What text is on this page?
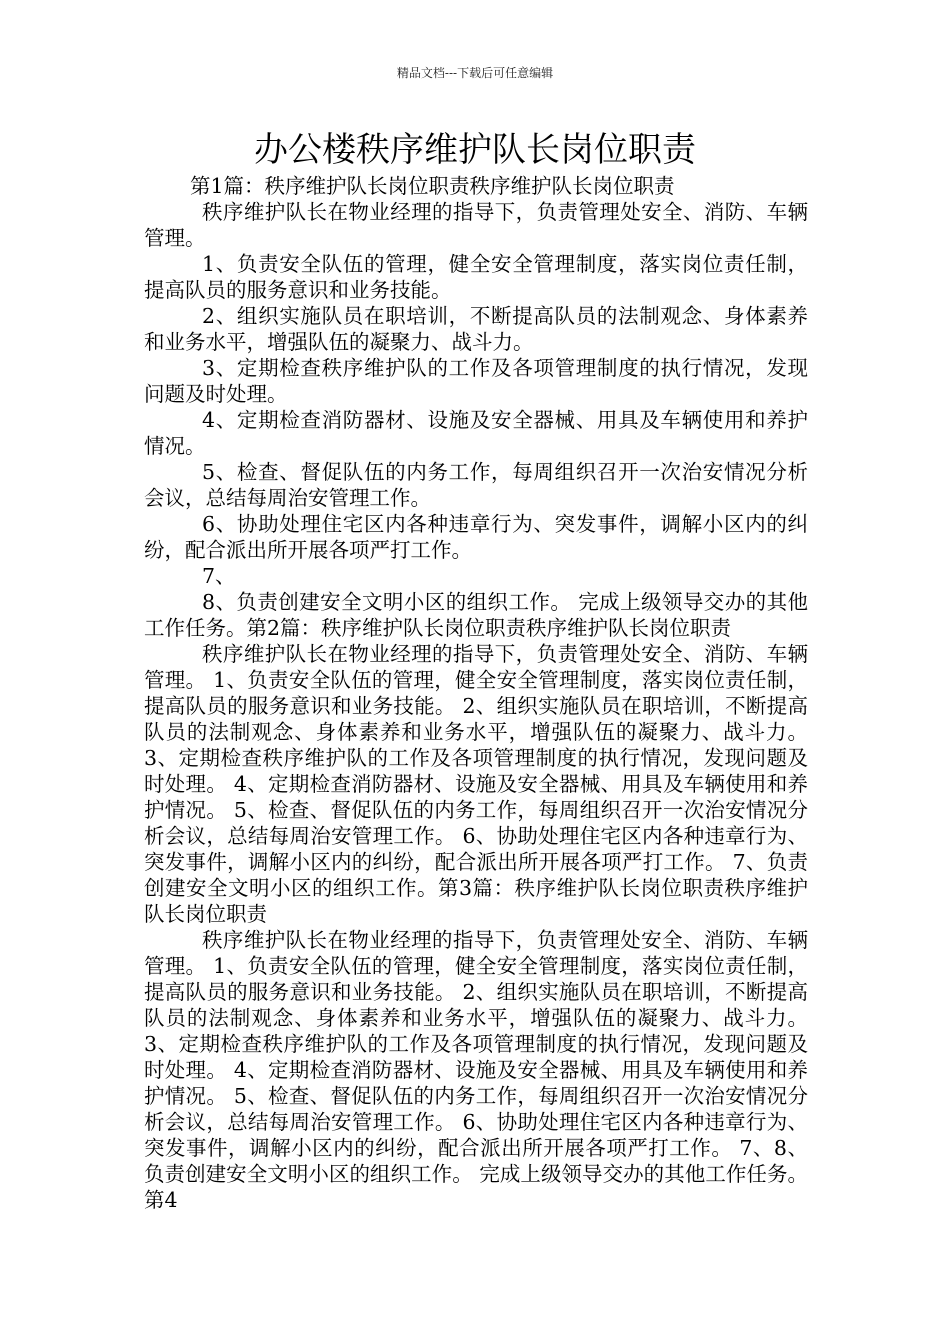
精品文档---下载后可任意编辑
办公楼秩序维护队长岗位职责

第1篇：秩序维护队长岗位职责秩序维护队长岗位职责

秩序维护队长在物业经理的指导下，负责管理处安全、消防、车辆管理。

1、负责安全队伍的管理，健全安全管理制度，落实岗位责任制，提高队员的服务意识和业务技能。

2、组织实施队员在职培训，不断提高队员的法制观念、身体素养和业务水平，增强队伍的凝聚力、战斗力。

3、定期检查秩序维护队的工作及各项管理制度的执行情况，发现问题及时处理。

4、定期检查消防器材、设施及安全器械、用具及车辆使用和养护情况。

5、检查、督促队伍的内务工作，每周组织召开一次治安情况分析会议，总结每周治安管理工作。

6、协助处理住宅区内各种违章行为、突发事件，调解小区内的纠纷，配合派出所开展各项严打工作。

7、

8、负责创建安全文明小区的组织工作。 完成上级领导交办的其他工作任务。第2篇：秩序维护队长岗位职责秩序维护队长岗位职责

秩序维护队长在物业经理的指导下，负责管理处安全、消防、车辆管理。 1、负责安全队伍的管理，健全安全管理制度，落实岗位责任制，提高队员的服务意识和业务技能。 2、组织实施队员在职培训，不断提高队员的法制观念、身体素养和业务水平，增强队伍的凝聚力、战斗力。 3、定期检查秩序维护队的工作及各项管理制度的执行情况，发现问题及时处理。 4、定期检查消防器材、设施及安全器械、用具及车辆使用和养护情况。 5、检查、督促队伍的内务工作，每周组织召开一次治安情况分析会议，总结每周治安管理工作。 6、协助处理住宅区内各种违章行为、突发事件，调解小区内的纠纷，配合派出所开展各项严打工作。 7、负责创建安全文明小区的组织工作。第3篇：秩序维护队长岗位职责秩序维护队长岗位职责

秩序维护队长在物业经理的指导下，负责管理处安全、消防、车辆管理。 1、负责安全队伍的管理，健全安全管理制度，落实岗位责任制，提高队员的服务意识和业务技能。 2、组织实施队员在职培训，不断提高队员的法制观念、身体素养和业务水平，增强队伍的凝聚力、战斗力。 3、定期检查秩序维护队的工作及各项管理制度的执行情况，发现问题及时处理。 4、定期检查消防器材、设施及安全器械、用具及车辆使用和养护情况。 5、检查、督促队伍的内务工作，每周组织召开一次治安情况分析会议，总结每周治安管理工作。 6、协助处理住宅区内各种违章行为、突发事件，调解小区内的纠纷，配合派出所开展各项严打工作。 7、8、负责创建安全文明小区的组织工作。 完成上级领导交办的其他工作任务。第4
